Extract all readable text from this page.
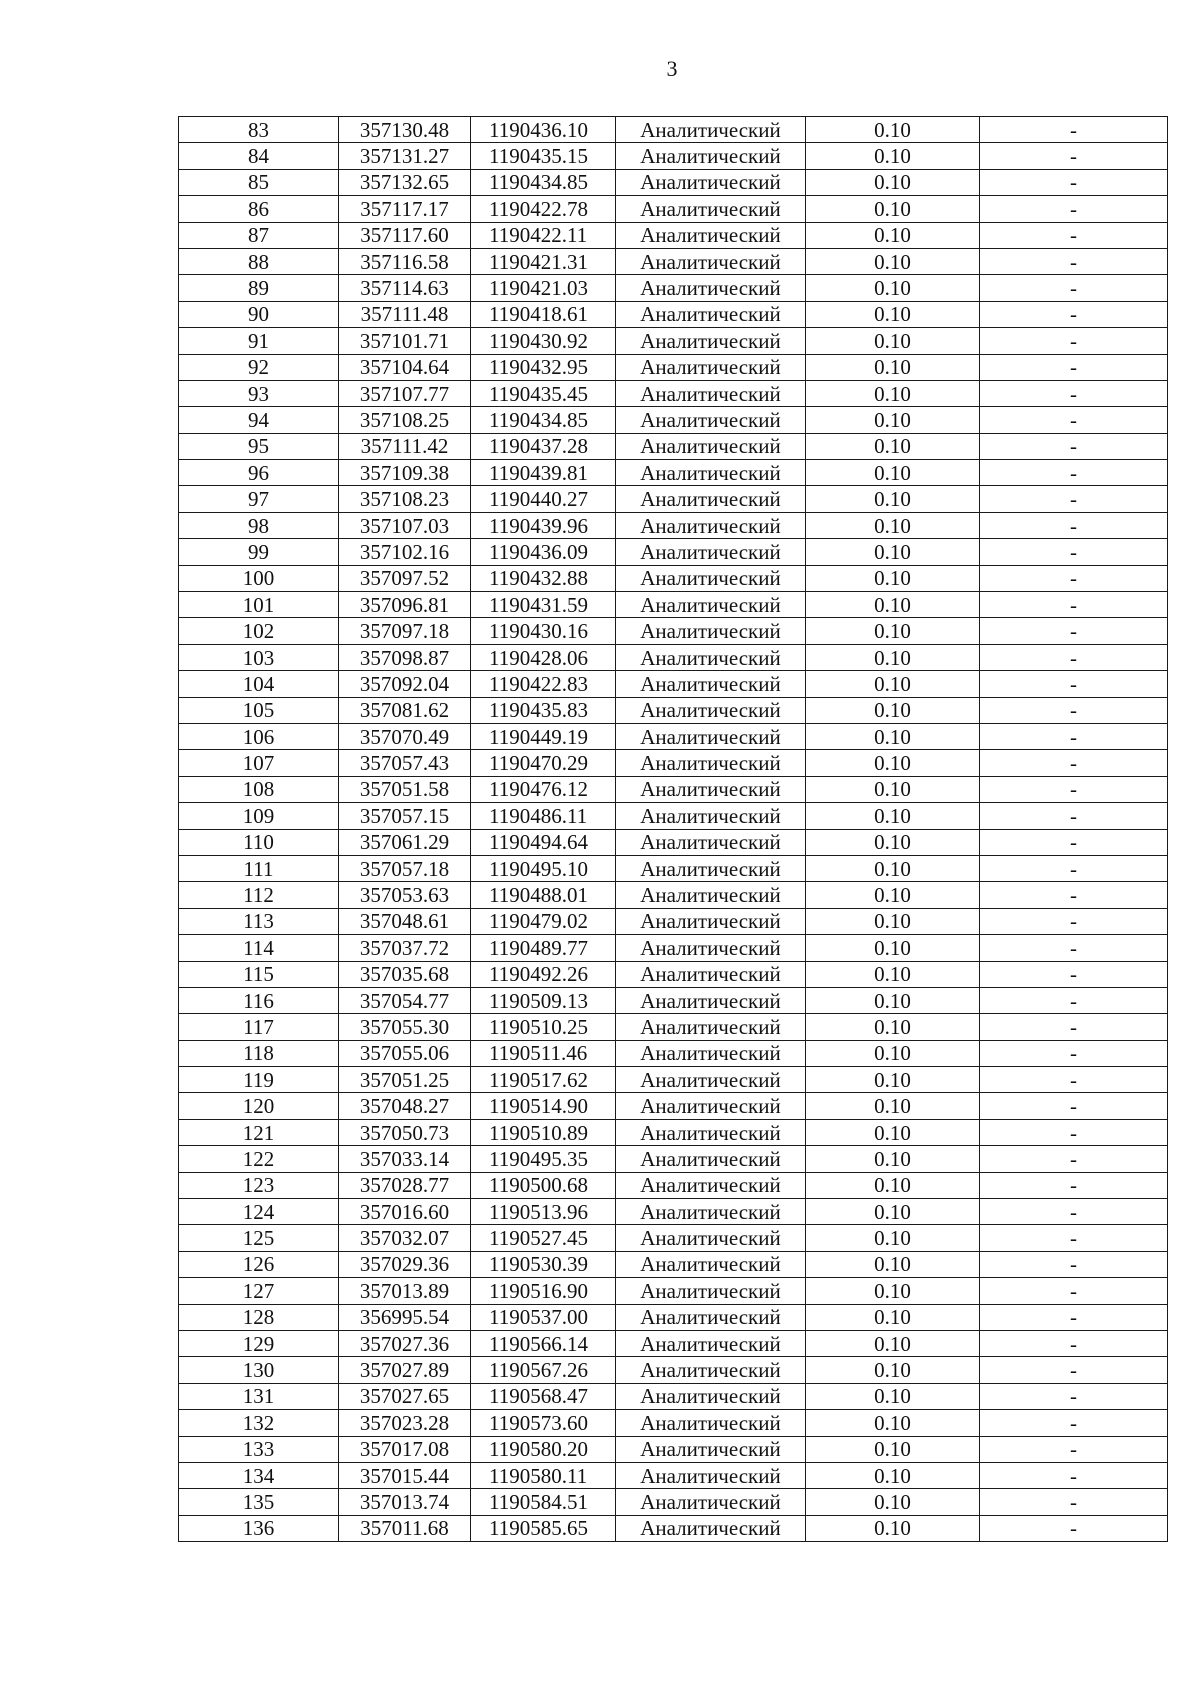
3
83	357130.48	1190436.10	Аналитический	0.10	-
84	357131.27	1190435.15	Аналитический	0.10	-
85	357132.65	1190434.85	Аналитический	0.10	-
86	357117.17	1190422.78	Аналитический	0.10	-
87	357117.60	1190422.11	Аналитический	0.10	-
88	357116.58	1190421.31	Аналитический	0.10	-
89	357114.63	1190421.03	Аналитический	0.10	-
90	357111.48	1190418.61	Аналитический	0.10	-
91	357101.71	1190430.92	Аналитический	0.10	-
92	357104.64	1190432.95	Аналитический	0.10	-
93	357107.77	1190435.45	Аналитический	0.10	-
94	357108.25	1190434.85	Аналитический	0.10	-
95	357111.42	1190437.28	Аналитический	0.10	-
96	357109.38	1190439.81	Аналитический	0.10	-
97	357108.23	1190440.27	Аналитический	0.10	-
98	357107.03	1190439.96	Аналитический	0.10	-
99	357102.16	1190436.09	Аналитический	0.10	-
100	357097.52	1190432.88	Аналитический	0.10	-
101	357096.81	1190431.59	Аналитический	0.10	-
102	357097.18	1190430.16	Аналитический	0.10	-
103	357098.87	1190428.06	Аналитический	0.10	-
104	357092.04	1190422.83	Аналитический	0.10	-
105	357081.62	1190435.83	Аналитический	0.10	-
106	357070.49	1190449.19	Аналитический	0.10	-
107	357057.43	1190470.29	Аналитический	0.10	-
108	357051.58	1190476.12	Аналитический	0.10	-
109	357057.15	1190486.11	Аналитический	0.10	-
110	357061.29	1190494.64	Аналитический	0.10	-
111	357057.18	1190495.10	Аналитический	0.10	-
112	357053.63	1190488.01	Аналитический	0.10	-
113	357048.61	1190479.02	Аналитический	0.10	-
114	357037.72	1190489.77	Аналитический	0.10	-
115	357035.68	1190492.26	Аналитический	0.10	-
116	357054.77	1190509.13	Аналитический	0.10	-
117	357055.30	1190510.25	Аналитический	0.10	-
118	357055.06	1190511.46	Аналитический	0.10	-
119	357051.25	1190517.62	Аналитический	0.10	-
120	357048.27	1190514.90	Аналитический	0.10	-
121	357050.73	1190510.89	Аналитический	0.10	-
122	357033.14	1190495.35	Аналитический	0.10	-
123	357028.77	1190500.68	Аналитический	0.10	-
124	357016.60	1190513.96	Аналитический	0.10	-
125	357032.07	1190527.45	Аналитический	0.10	-
126	357029.36	1190530.39	Аналитический	0.10	-
127	357013.89	1190516.90	Аналитический	0.10	-
128	356995.54	1190537.00	Аналитический	0.10	-
129	357027.36	1190566.14	Аналитический	0.10	-
130	357027.89	1190567.26	Аналитический	0.10	-
131	357027.65	1190568.47	Аналитический	0.10	-
132	357023.28	1190573.60	Аналитический	0.10	-
133	357017.08	1190580.20	Аналитический	0.10	-
134	357015.44	1190580.11	Аналитический	0.10	-
135	357013.74	1190584.51	Аналитический	0.10	-
136	357011.68	1190585.65	Аналитический	0.10	-
